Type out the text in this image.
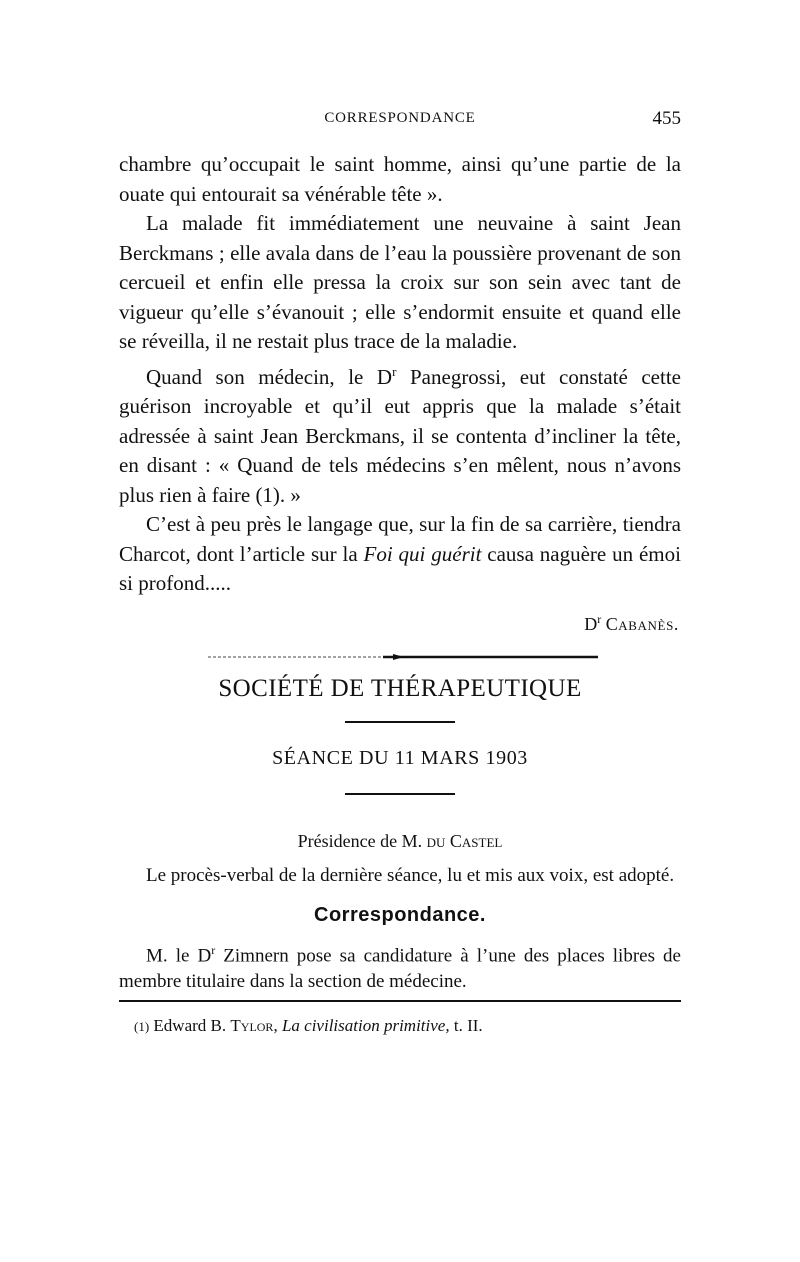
CORRESPONDANCE	455

chambre qu’occupait le saint homme, ainsi qu’une partie de la ouate qui entourait sa vénérable tête ».

La malade fit immédiatement une neuvaine à saint Jean Berckmans ; elle avala dans de l’eau la poussière provenant de son cercueil et enfin elle pressa la croix sur son sein avec tant de vigueur qu’elle s’évanouit ; elle s’endormit ensuite et quand elle se réveilla, il ne restait plus trace de la maladie.

Quand son médecin, le $D^r$ Panegrossi, eut constaté cette guérison incroyable et qu’il eut appris que la malade s’était adressée à saint Jean Berckmans, il se contenta d’incliner la tête, en disant : « Quand de tels médecins s’en mêlent, nous n’avons plus rien à faire (1). »

C’est à peu près le langage que, sur la fin de sa carrière, tiendra Charcot, dont l’article sur la Foi qui guérit causa naguère un émoi si profond.....

$D^r$ Cabanès.

SOCIÉTÉ DE THÉRAPEUTIQUE
SÉANCE DU 11 MARS 1903

Présidence de M. du Castel

Le procès-verbal de la dernière séance, lu et mis aux voix, est adopté.

Correspondance.

M. le $D^r$ Zimnern pose sa candidature à l’une des places libres de membre titulaire dans la section de médecine.

(1) Edward B. Tylor, La civilisation primitive, t. II.
